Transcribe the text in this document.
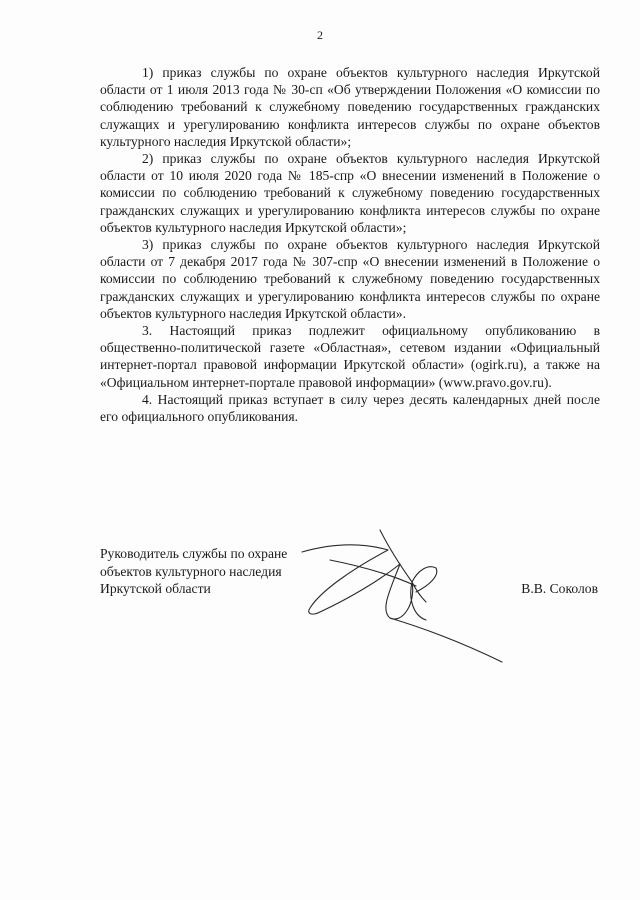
2

1) приказ службы по охране объектов культурного наследия Иркутской области от 1 июля 2013 года № 30-сп «Об утверждении Положения «О комиссии по соблюдению требований к служебному поведению государственных гражданских служащих и урегулированию конфликта интересов службы по охране объектов культурного наследия Иркутской области»;

2) приказ службы по охране объектов культурного наследия Иркутской области от 10 июля 2020 года № 185-спр «О внесении изменений в Положение о комиссии по соблюдению требований к служебному поведению государственных гражданских служащих и урегулированию конфликта интересов службы по охране объектов культурного наследия Иркутской области»;

3) приказ службы по охране объектов культурного наследия Иркутской области от 7 декабря 2017 года № 307-спр «О внесении изменений в Положение о комиссии по соблюдению требований к служебному поведению государственных гражданских служащих и урегулированию конфликта интересов службы по охране объектов культурного наследия Иркутской области».

3. Настоящий приказ подлежит официальному опубликованию в общественно-политической газете «Областная», сетевом издании «Официальный интернет-портал правовой информации Иркутской области» (ogirk.ru), а также на «Официальном интернет-портале правовой информации» (www.pravo.gov.ru).

4. Настоящий приказ вступает в силу через десять календарных дней после его официального опубликования.

Руководитель службы по охране
объектов культурного наследия
Иркутской области	В.В. Соколов
